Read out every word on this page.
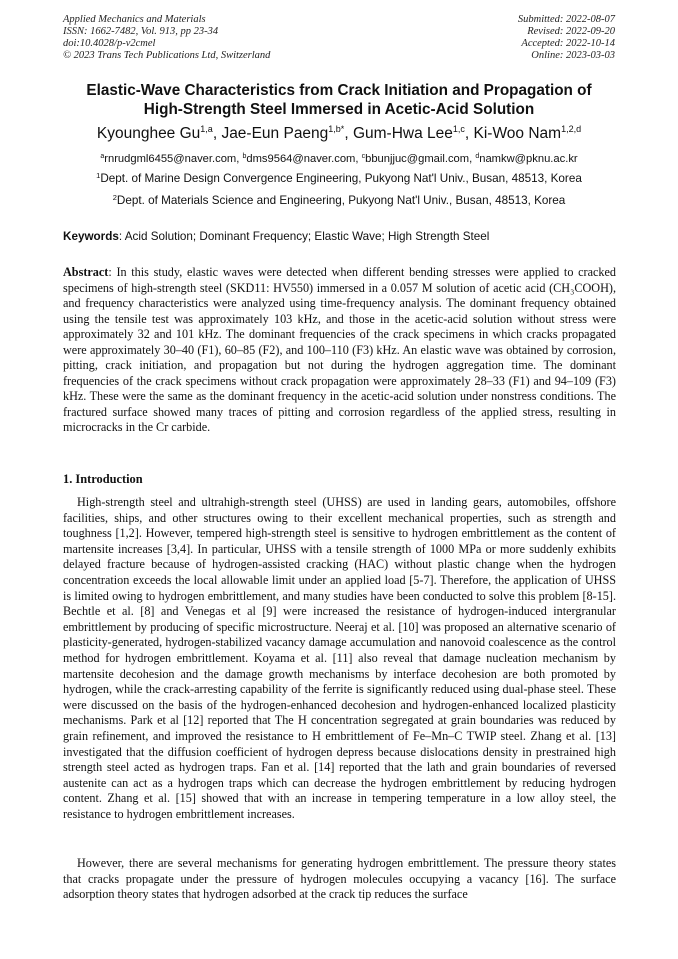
Applied Mechanics and Materials
ISSN: 1662-7482, Vol. 913, pp 23-34
doi:10.4028/p-v2cmel
© 2023 Trans Tech Publications Ltd, Switzerland
Submitted: 2022-08-07
Revised: 2022-09-20
Accepted: 2022-10-14
Online: 2023-03-03
Elastic-Wave Characteristics from Crack Initiation and Propagation of
High-Strength Steel Immersed in Acetic-Acid Solution
Kyounghee Gu$^{1,a}$, Jae-Eun Paeng$^{1,b*}$, Gum-Hwa Lee$^{1,c}$, Ki-Woo Nam$^{1,2,d}$
$^a$rnrudgml6455@naver.com, $^b$dms9564@naver.com, $^c$bbunjjuc@gmail.com, $^d$namkw@pknu.ac.kr
$^1$Dept. of Marine Design Convergence Engineering, Pukyong Nat'l Univ., Busan, 48513, Korea
$^2$Dept. of Materials Science and Engineering, Pukyong Nat'l Univ., Busan, 48513, Korea
Keywords: Acid Solution; Dominant Frequency; Elastic Wave; High Strength Steel
Abstract: In this study, elastic waves were detected when different bending stresses were applied to cracked specimens of high-strength steel (SKD11: HV550) immersed in a 0.057 M solution of acetic acid (CH₃COOH), and frequency characteristics were analyzed using time-frequency analysis. The dominant frequency obtained using the tensile test was approximately 103 kHz, and those in the acetic-acid solution without stress were approximately 32 and 101 kHz. The dominant frequencies of the crack specimens in which cracks propagated were approximately 30–40 (F1), 60–85 (F2), and 100–110 (F3) kHz. An elastic wave was obtained by corrosion, pitting, crack initiation, and propagation but not during the hydrogen aggregation time. The dominant frequencies of the crack specimens without crack propagation were approximately 28–33 (F1) and 94–109 (F3) kHz. These were the same as the dominant frequency in the acetic-acid solution under nonstress conditions. The fractured surface showed many traces of pitting and corrosion regardless of the applied stress, resulting in microcracks in the Cr carbide.
1. Introduction
High-strength steel and ultrahigh-strength steel (UHSS) are used in landing gears, automobiles, offshore facilities, ships, and other structures owing to their excellent mechanical properties, such as strength and toughness [1,2]. However, tempered high-strength steel is sensitive to hydrogen embrittlement as the content of martensite increases [3,4]. In particular, UHSS with a tensile strength of 1000 MPa or more suddenly exhibits delayed fracture because of hydrogen-assisted cracking (HAC) without plastic change when the hydrogen concentration exceeds the local allowable limit under an applied load [5-7]. Therefore, the application of UHSS is limited owing to hydrogen embrittlement, and many studies have been conducted to solve this problem [8-15]. Bechtle et al. [8] and Venegas et al [9] were increased the resistance of hydrogen-induced intergranular embrittlement by producing of specific microstructure. Neeraj et al. [10] was proposed an alternative scenario of plasticity-generated, hydrogen-stabilized vacancy damage accumulation and nanovoid coalescence as the control method for hydrogen embrittlement. Koyama et al. [11] also reveal that damage nucleation mechanism by martensite decohesion and the damage growth mechanisms by interface decohesion are both promoted by hydrogen, while the crack-arresting capability of the ferrite is significantly reduced using dual-phase steel. These were discussed on the basis of the hydrogen-enhanced decohesion and hydrogen-enhanced localized plasticity mechanisms. Park et al [12] reported that The H concentration segregated at grain boundaries was reduced by grain refinement, and improved the resistance to H embrittlement of Fe–Mn–C TWIP steel. Zhang et al. [13] investigated that the diffusion coefficient of hydrogen depress because dislocations density in prestrained high strength steel acted as hydrogen traps. Fan et al. [14] reported that the lath and grain boundaries of reversed austenite can act as a hydrogen traps which can decrease the hydrogen embrittlement by reducing hydrogen content. Zhang et al. [15] showed that with an increase in tempering temperature in a low alloy steel, the resistance to hydrogen embrittlement increases.
However, there are several mechanisms for generating hydrogen embrittlement. The pressure theory states that cracks propagate under the pressure of hydrogen molecules occupying a vacancy [16]. The surface adsorption theory states that hydrogen adsorbed at the crack tip reduces the surface
